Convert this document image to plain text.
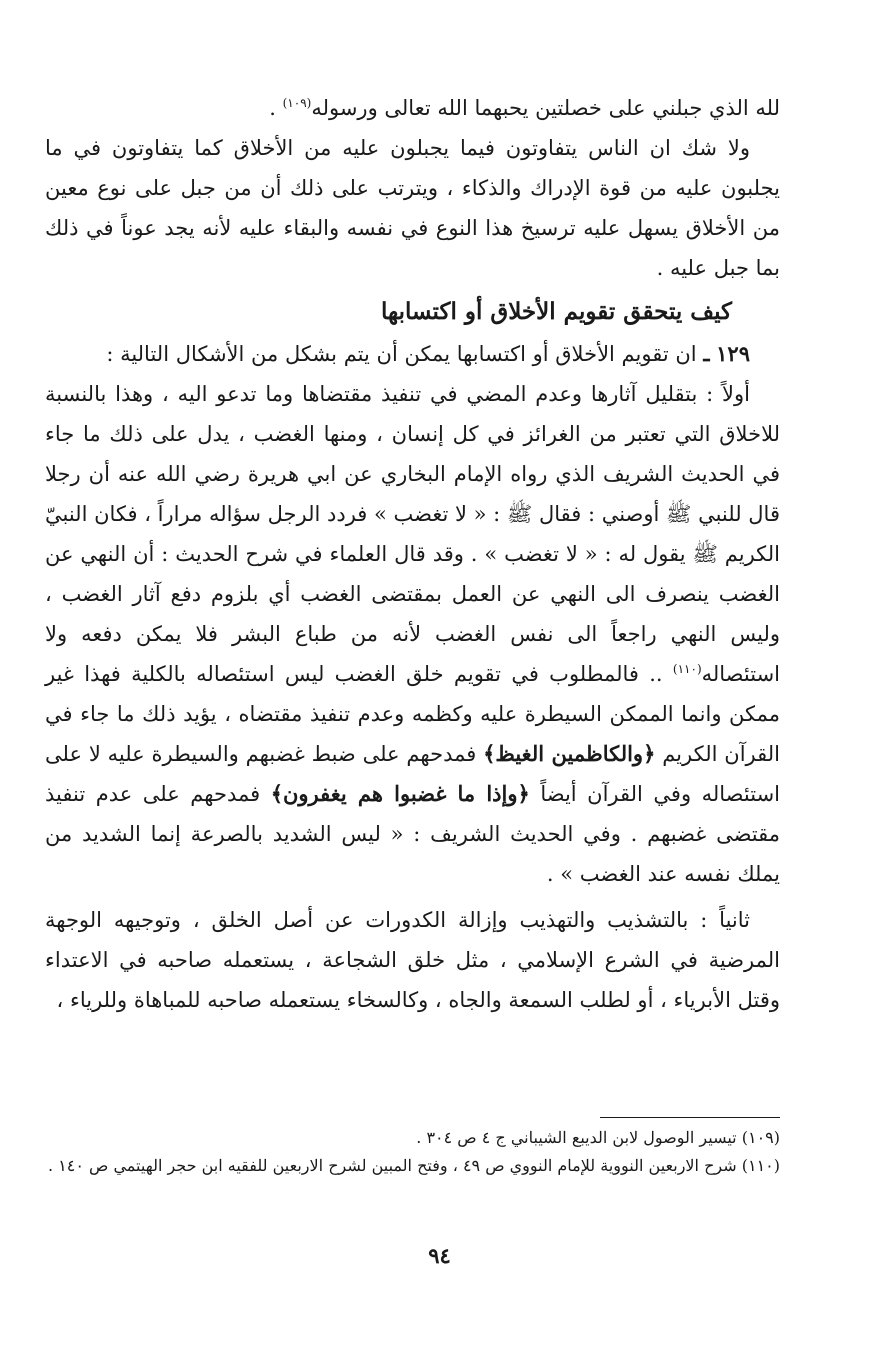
لله الذي جبلني على خصلتين يحبهما الله تعالى ورسوله$^{(١٠٩)}$ .

ولا شك ان الناس يتفاوتون فيما يجبلون عليه من الأخلاق كما يتفاوتون في ما يجلبون عليه من قوة الإدراك والذكاء ، ويترتب على ذلك أن من جبل على نوع معين من الأخلاق يسهل عليه ترسيخ هذا النوع في نفسه والبقاء عليه لأنه يجد عوناً في ذلك بما جبل عليه .

كيف يتحقق تقويم الأخلاق أو اكتسابها

١٢٩ ـ ان تقويم الأخلاق أو اكتسابها يمكن أن يتم بشكل من الأشكال التالية :

أولاً : بتقليل آثارها وعدم المضي في تنفيذ مقتضاها وما تدعو اليه ، وهذا بالنسبة للاخلاق التي تعتبر من الغرائز في كل إنسان ، ومنها الغضب ، يدل على ذلك ما جاء في الحديث الشريف الذي رواه الإمام البخاري عن ابي هريرة رضي الله عنه أن رجلا قال للنبي ﷺ أوصني : فقال ﷺ : « لا تغضب » فردد الرجل سؤاله مراراً ، فكان النبيّ الكريم ﷺ يقول له : « لا تغضب » . وقد قال العلماء في شرح الحديث : أن النهي عن الغضب ينصرف الى النهي عن العمل بمقتضى الغضب أي بلزوم دفع آثار الغضب ، وليس النهي راجعاً الى نفس الغضب لأنه من طباع البشر فلا يمكن دفعه ولا استئصاله$^{(١١٠)}$ .. فالمطلوب في تقويم خلق الغضب ليس استئصاله بالكلية فهذا غير ممكن وانما الممكن السيطرة عليه وكظمه وعدم تنفيذ مقتضاه ، يؤيد ذلك ما جاء في القرآن الكريم ﴿والكاظمين الغيظ﴾ فمدحهم على ضبط غضبهم والسيطرة عليه لا على استئصاله وفي القرآن أيضاً ﴿وإذا ما غضبوا هم يغفرون﴾ فمدحهم على عدم تنفيذ مقتضى غضبهم . وفي الحديث الشريف : « ليس الشديد بالصرعة إنما الشديد من يملك نفسه عند الغضب » .

ثانياً : بالتشذيب والتهذيب وإزالة الكدورات عن أصل الخلق ، وتوجيهه الوجهة المرضية في الشرع الإسلامي ، مثل خلق الشجاعة ، يستعمله صاحبه في الاعتداء وقتل الأبرياء ، أو لطلب السمعة والجاه ، وكالسخاء يستعمله صاحبه للمباهاة وللرياء ،

(١٠٩) تيسير الوصول لابن الديبع الشيباني ج ٤ ص ٣٠٤ .

(١١٠) شرح الاربعين النووية للإمام النووي ص ٤٩ ، وفتح المبين لشرح الاربعين للفقيه ابن حجر الهيتمي ص ١٤٠ .

٩٤
